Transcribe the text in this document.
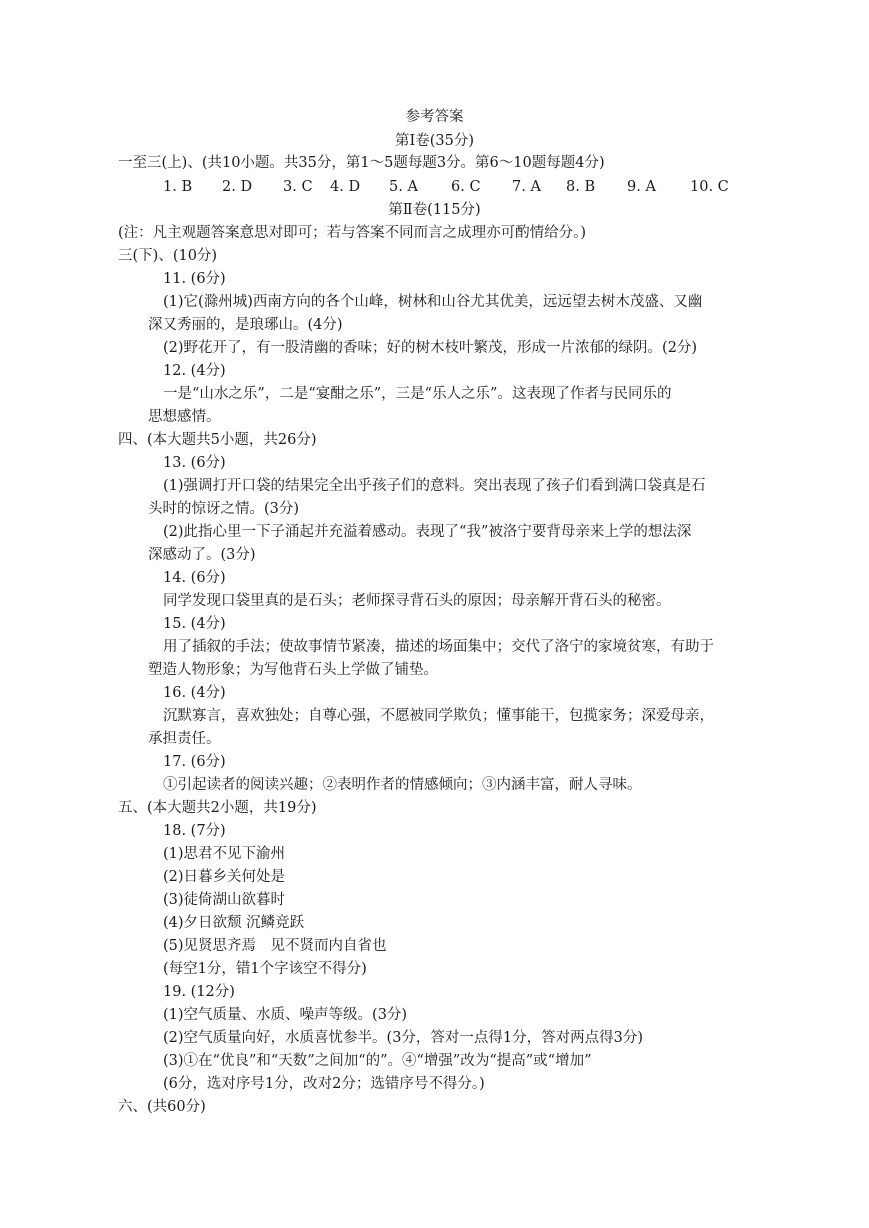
参考答案
第Ⅰ卷(35分)
一至三(上)、(共10小题。共35分，第1～5题每题3分。第6～10题每题4分)
1. B 2. D 3. C 4. D 5. A 6. C 7. A 8. B 9. A 10. C
第Ⅱ卷(115分)
(注：凡主观题答案意思对即可；若与答案不同而言之成理亦可酌情给分。)
三(下)、(10分)
11. (6分)
(1)它(滁州城)西南方向的各个山峰，树林和山谷尤其优美，远远望去树木茂盛、又幽
深又秀丽的，是琅琊山。(4分)
(2)野花开了，有一股清幽的香味；好的树木枝叶繁茂，形成一片浓郁的绿阴。(2分)
12. (4分)
一是“山水之乐”，二是“宴酣之乐”，三是“乐人之乐”。这表现了作者与民同乐的
思想感情。
四、(本大题共5小题，共26分)
13. (6分)
(1)强调打开口袋的结果完全出乎孩子们的意料。突出表现了孩子们看到满口袋真是石
头时的惊讶之情。(3分)
(2)此指心里一下子涌起并充溢着感动。表现了“我”被洛宁要背母亲来上学的想法深
深感动了。(3分)
14. (6分)
同学发现口袋里真的是石头；老师探寻背石头的原因；母亲解开背石头的秘密。
15. (4分)
用了插叙的手法；使故事情节紧凑，描述的场面集中；交代了洛宁的家境贫寒，有助于
塑造人物形象；为写他背石头上学做了铺垫。
16. (4分)
沉默寡言，喜欢独处；自尊心强，不愿被同学欺负；懂事能干，包揽家务；深爱母亲，
承担责任。
17. (6分)
①引起读者的阅读兴趣；②表明作者的情感倾向；③内涵丰富，耐人寻味。
五、(本大题共2小题，共19分)
18. (7分)
(1)思君不见下渝州
(2)日暮乡关何处是
(3)徒倚湖山欲暮时
(4)夕日欲颓 沉鳞竞跃
(5)见贤思齐焉　见不贤而内自省也
(每空1分，错1个字该空不得分)
19. (12分)
(1)空气质量、水质、噪声等级。(3分)
(2)空气质量向好，水质喜忧参半。(3分，答对一点得1分，答对两点得3分)
(3)①在“优良”和“天数”之间加“的”。④“增强”改为“提高”或“增加”
(6分，选对序号1分，改对2分；选错序号不得分。)
六、(共60分)
